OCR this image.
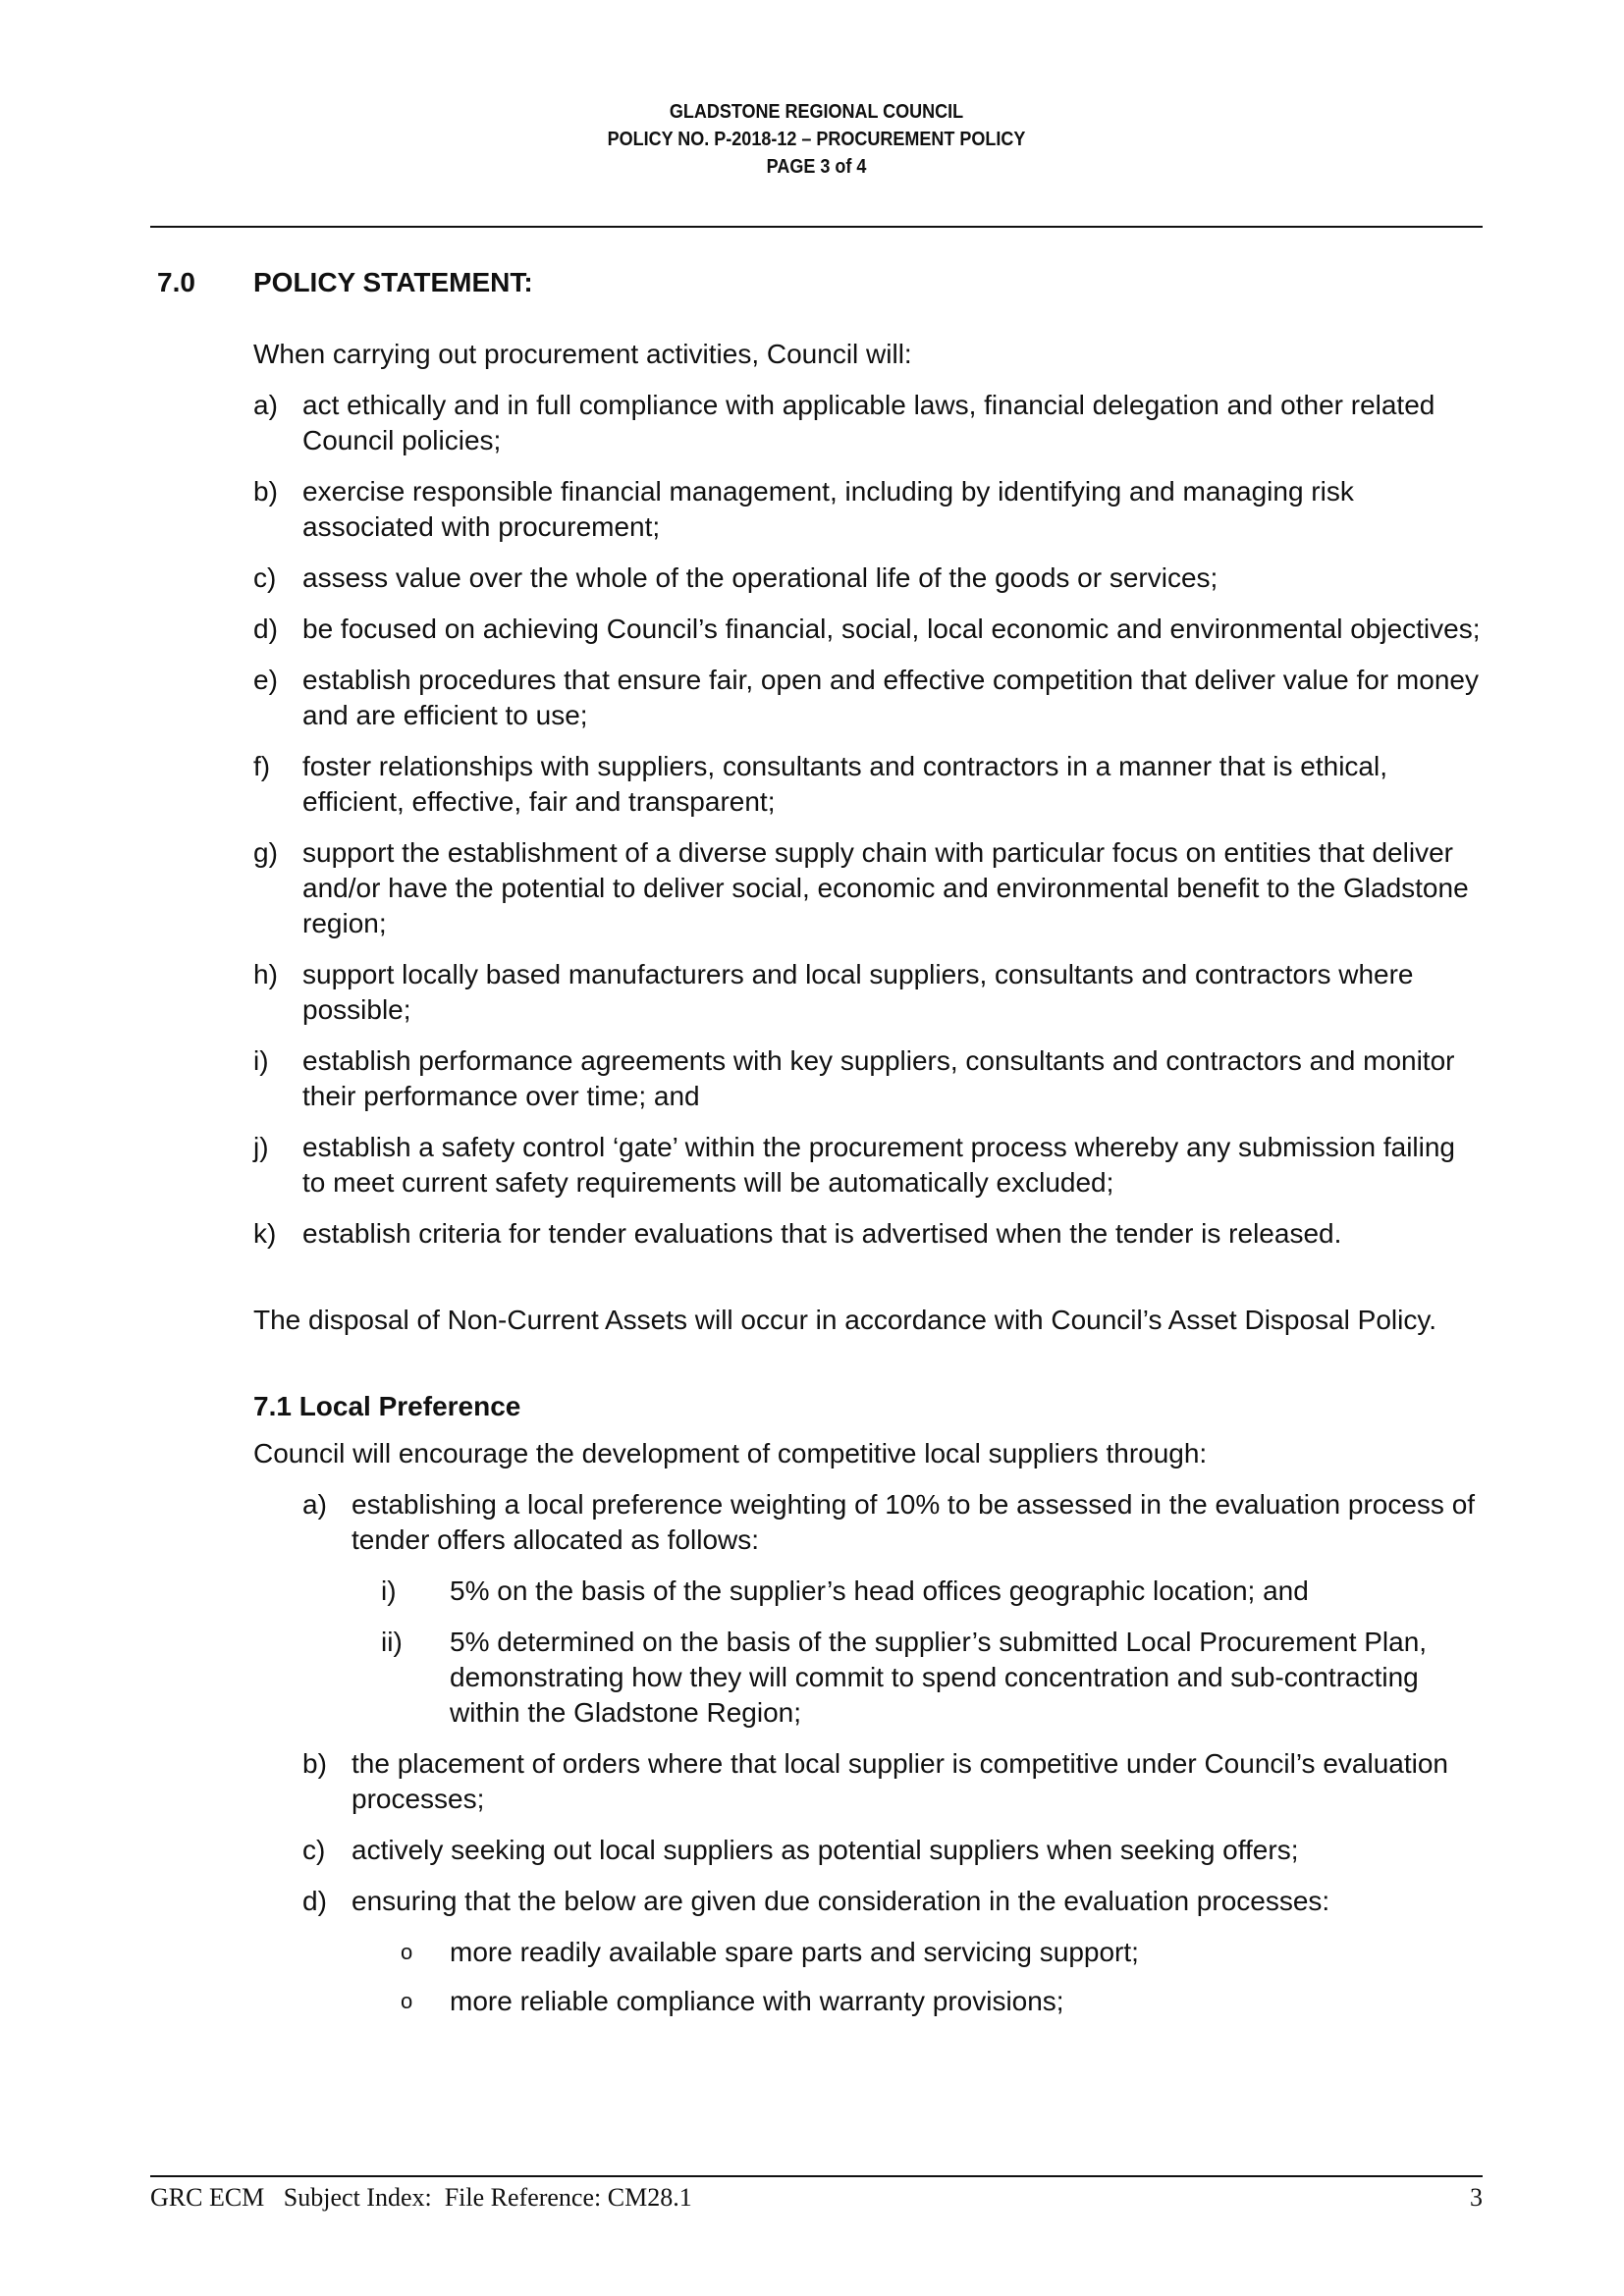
GLADSTONE REGIONAL COUNCIL
POLICY NO. P-2018-12 – PROCUREMENT POLICY
PAGE 3 of 4
7.0 POLICY STATEMENT:

When carrying out procurement activities, Council will:

a) act ethically and in full compliance with applicable laws, financial delegation and other related Council policies;
b) exercise responsible financial management, including by identifying and managing risk associated with procurement;
c) assess value over the whole of the operational life of the goods or services;
d) be focused on achieving Council’s financial, social, local economic and environmental objectives;
e) establish procedures that ensure fair, open and effective competition that deliver value for money and are efficient to use;
f)	foster relationships with suppliers, consultants and contractors in a manner that is ethical, efficient, effective, fair and transparent;
g) support the establishment of a diverse supply chain with particular focus on entities that deliver and/or have the potential to deliver social, economic and environmental benefit to the Gladstone region;
h) support locally based manufacturers and local suppliers, consultants and contractors where possible;
i)	establish performance agreements with key suppliers, consultants and contractors and monitor their performance over time; and
j)	establish a safety control ‘gate’ within the procurement process whereby any submission failing to meet current safety requirements will be automatically excluded;
k) establish criteria for tender evaluations that is advertised when the tender is released.

The disposal of Non-Current Assets will occur in accordance with Council’s Asset Disposal Policy.

7.1 Local Preference

Council will encourage the development of competitive local suppliers through:

a) establishing a local preference weighting of 10% to be assessed in the evaluation process of tender offers allocated as follows:
i)	5% on the basis of the supplier’s head offices geographic location; and
ii)	5% determined on the basis of the supplier’s submitted Local Procurement Plan, demonstrating how they will commit to spend concentration and sub-contracting within the Gladstone Region;
b) the placement of orders where that local supplier is competitive under Council’s evaluation processes;
c) actively seeking out local suppliers as potential suppliers when seeking offers;
d) ensuring that the below are given due consideration in the evaluation processes:
o	more readily available spare parts and servicing support;
o	more reliable compliance with warranty provisions;
GRC ECM   Subject Index:  File Reference: CM28.1	3
